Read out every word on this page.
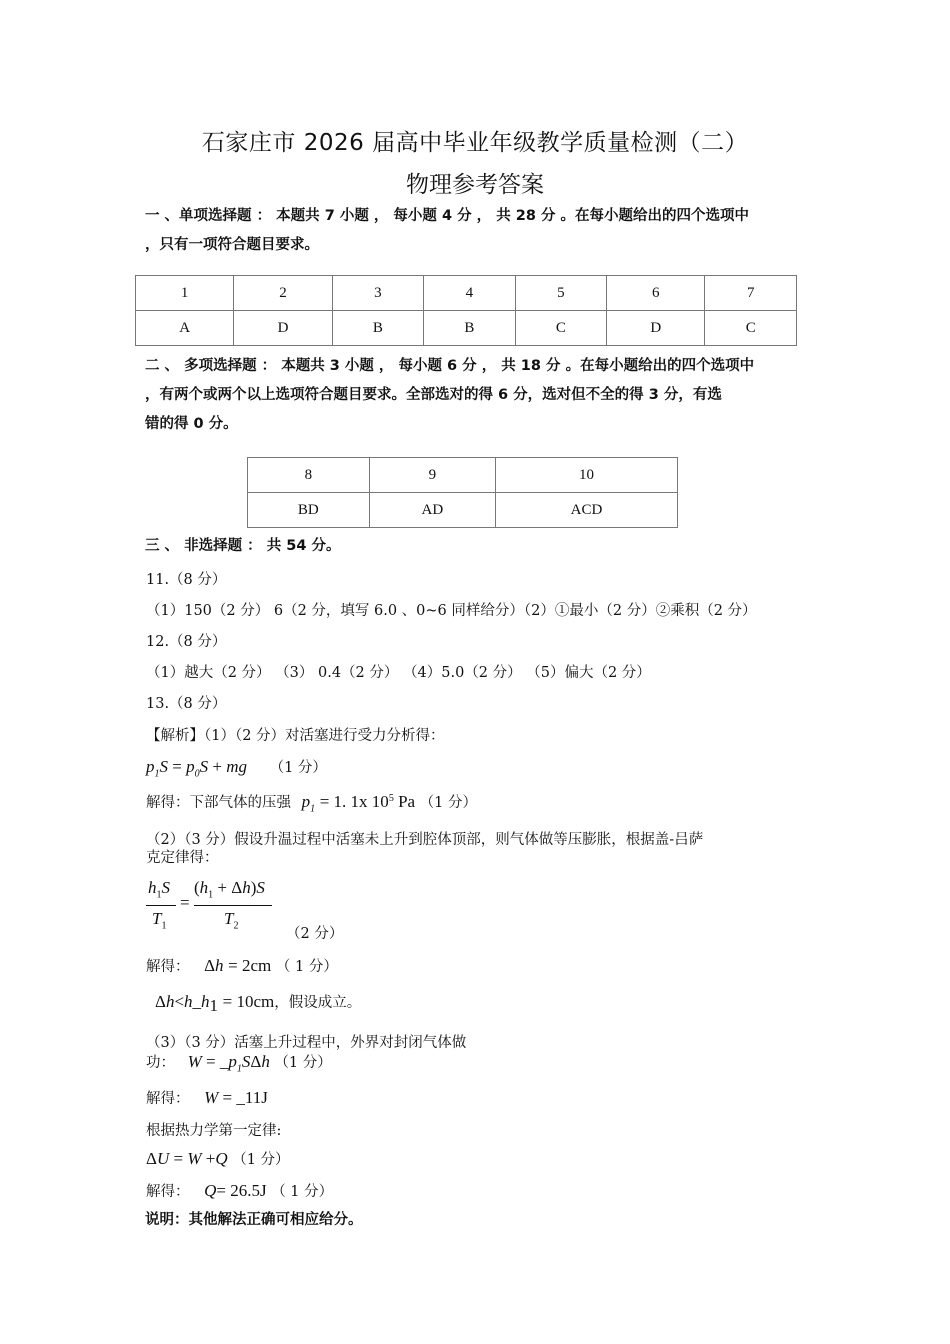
石家庄市 2026 届高中毕业年级教学质量检测（二）
物理参考答案
一 、单项选择题 ： 本题共 7 小题 ， 每小题 4 分 ， 共 28 分 。在每小题给出的四个选项中
，只有一项符合题目要求。
1	2	3	4	5	6	7
A	D	B	B	C	D	C
二 、 多项选择题 ： 本题共 3 小题 ， 每小题 6 分 ， 共 18 分 。在每小题给出的四个选项中
，有两个或两个以上选项符合题目要求。全部选对的得 6 分，选对但不全的得 3 分，有选
错的得 0 分。
8	9	10
BD	AD	ACD
三 、 非选择题 ： 共 54 分。
11.（8 分）
（1）150（2 分） 6（2 分，填写 6.0 、0~6 同样给分）（2）①最小（2 分）②乘积（2 分）
12.（8 分）
（1）越大（2 分） （3） 0.4（2 分） （4）5.0（2 分） （5）偏大（2 分）
13.（8 分）
【解析】（1）（2 分）对活塞进行受力分析得：
$p_1S = p_0S$ + mg （1 分）
解得：下部气体的压强 $p_1 = 1$. 1x $10^5$ Pa （1 分）
（2）（3 分）假设升温过程中活塞未上升到腔体顶部，则气体做等压膨胀，根据盖-吕萨
克定律得：
$h_1S$
=
$(h_1 + \Delta h)S$
$T_1$	$T_2$
（2 分）
解得： Δh = 2cm （ 1 分）
$\Delta h<h\_h_1 = 10cm$，假设成立。
（3）（3 分）活塞上升过程中，外界对封闭气体做
功： $W = \_p_1S\Delta h$ （1 分）
解得： W = _11J
根据热力学第一定律:
ΔU = W +Q （1 分）
解得： Q= 26.5J （ 1 分）
说明：其他解法正确可相应给分。
